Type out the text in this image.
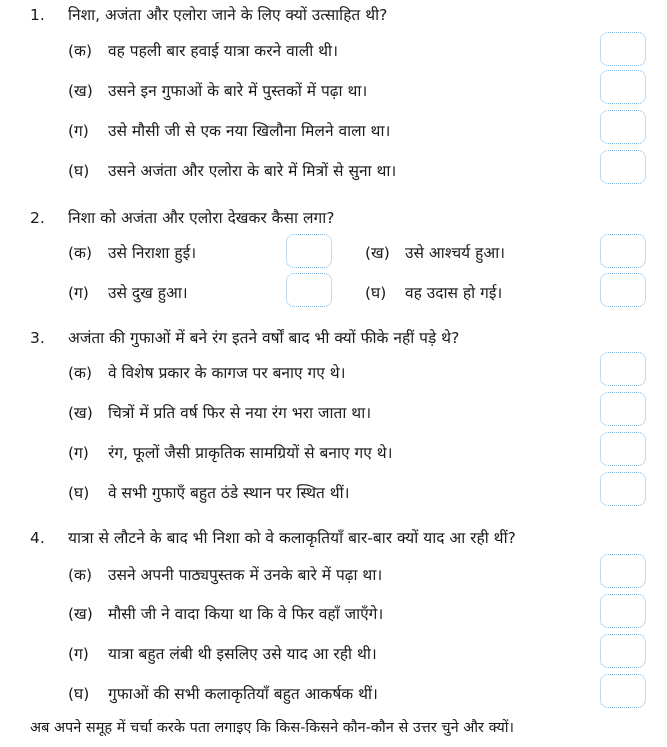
1. निशा, अजंता और एलोरा जाने के लिए क्यों उत्साहित थी?
(क) वह पहली बार हवाई यात्रा करने वाली थी।
(ख) उसने इन गुफाओं के बारे में पुस्तकों में पढ़ा था।
(ग) उसे मौसी जी से एक नया खिलौना मिलने वाला था।
(घ) उसने अजंता और एलोरा के बारे में मित्रों से सुना था।
2. निशा को अजंता और एलोरा देखकर कैसा लगा?
(क) उसे निराशा हुई।	(ख) उसे आश्चर्य हुआ।
(ग) उसे दुख हुआ।	(घ) वह उदास हो गई।
3. अजंता की गुफाओं में बने रंग इतने वर्षों बाद भी क्यों फीके नहीं पड़े थे?
(क) वे विशेष प्रकार के कागज पर बनाए गए थे।
(ख) चित्रों में प्रति वर्ष फिर से नया रंग भरा जाता था।
(ग) रंग, फूलों जैसी प्राकृतिक सामग्रियों से बनाए गए थे।
(घ) वे सभी गुफाएँ बहुत ठंडे स्थान पर स्थित थीं।
4. यात्रा से लौटने के बाद भी निशा को वे कलाकृतियाँ बार-बार क्यों याद आ रही थीं?
(क) उसने अपनी पाठ्यपुस्तक में उनके बारे में पढ़ा था।
(ख) मौसी जी ने वादा किया था कि वे फिर वहाँ जाएँगे।
(ग) यात्रा बहुत लंबी थी इसलिए उसे याद आ रही थी।
(घ) गुफाओं की सभी कलाकृतियाँ बहुत आकर्षक थीं।
अब अपने समूह में चर्चा करके पता लगाइए कि किस-किसने कौन-कौन से उत्तर चुने और क्यों।
